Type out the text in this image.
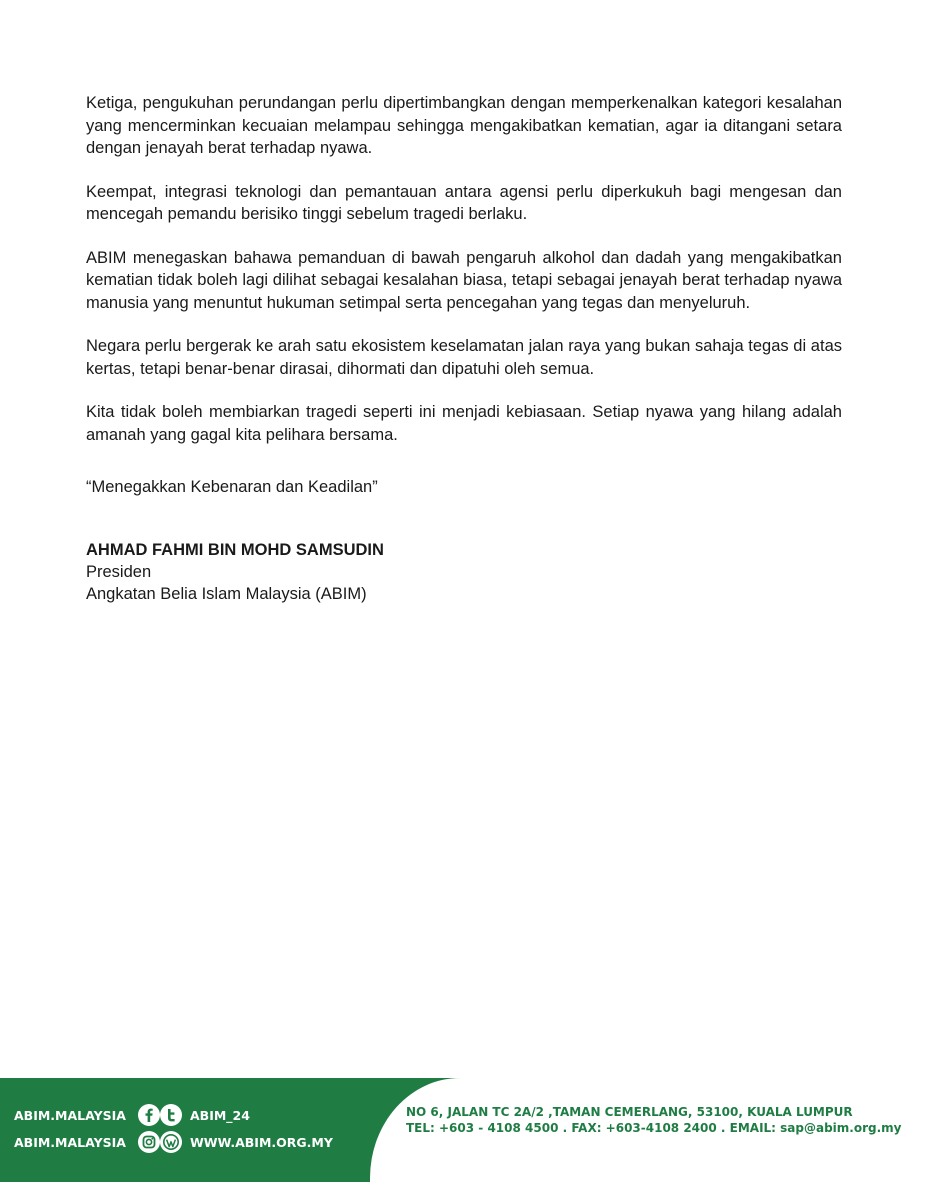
Ketiga, pengukuhan perundangan perlu dipertimbangkan dengan memperkenalkan kategori kesalahan yang mencerminkan kecuaian melampau sehingga mengakibatkan kematian, agar ia ditangani setara dengan jenayah berat terhadap nyawa.

Keempat, integrasi teknologi dan pemantauan antara agensi perlu diperkukuh bagi mengesan dan mencegah pemandu berisiko tinggi sebelum tragedi berlaku.

ABIM menegaskan bahawa pemanduan di bawah pengaruh alkohol dan dadah yang mengakibatkan kematian tidak boleh lagi dilihat sebagai kesalahan biasa, tetapi sebagai jenayah berat terhadap nyawa manusia yang menuntut hukuman setimpal serta pencegahan yang tegas dan menyeluruh.

Negara perlu bergerak ke arah satu ekosistem keselamatan jalan raya yang bukan sahaja tegas di atas kertas, tetapi benar-benar dirasai, dihormati dan dipatuhi oleh semua.

Kita tidak boleh membiarkan tragedi seperti ini menjadi kebiasaan. Setiap nyawa yang hilang adalah amanah yang gagal kita pelihara bersama.

“Menegakkan Kebenaran dan Keadilan”
AHMAD FAHMI BIN MOHD SAMSUDIN
Presiden
Angkatan Belia Islam Malaysia (ABIM)
ABIM.MALAYSIA	ABIM_24
ABIM.MALAYSIA	WWW.ABIM.ORG.MY
NO 6, JALAN TC 2A/2 ,TAMAN CEMERLANG, 53100, KUALA LUMPUR
TEL: +603 - 4108 4500 . FAX: +603-4108 2400 . EMAIL: sap@abim.org.my
